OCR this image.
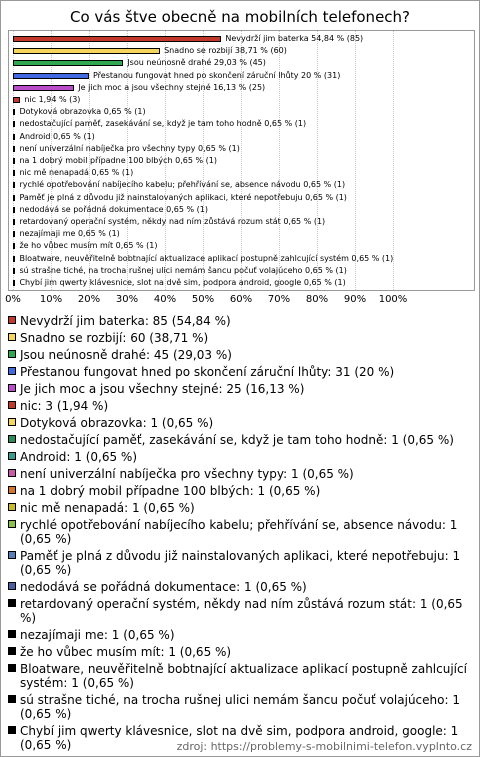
Co vás štve obecně na mobilních telefonech?
Nevydrží jim baterka 54,84 % (85)
Snadno se rozbijí 38,71 % (60)
Jsou neúnosně drahé 29,03 % (45)
Přestanou fungovat hned po skončení záruční lhůty 20 % (31)
Je jich moc a jsou všechny stejné 16,13 % (25)
nic 1,94 % (3)
Dotyková obrazovka 0,65 % (1)
nedostačující paměť, zasekávání se, když je tam toho hodně 0,65 % (1)
Android 0,65 % (1)
není univerzální nabíječka pro všechny typy 0,65 % (1)
na 1 dobrý mobil případne 100 blbých 0,65 % (1)
nic mě nenapadá 0,65 % (1)
rychlé opotřebování nabíjecího kabelu; přehřívání se, absence návodu 0,65 % (1)
Paměť je plná z důvodu již nainstalovaných aplikaci, které nepotřebuju 0,65 % (1)
nedodává se pořádná dokumentace 0,65 % (1)
retardovaný operační systém, někdy nad ním zůstává rozum stát 0,65 % (1)
nezajímaji me 0,65 % (1)
že ho vůbec musím mít 0,65 % (1)
Bloatware, neuvěřitelně bobtnající aktualizace aplikací postupně zahlcující systém 0,65 % (1)
sú strašne tiché, na trocha rušnej ulici nemám šancu počuť volajúceho 0,65 % (1)
Chybí jim qwerty klávesnice, slot na dvě sim, podpora android, google 0,65 % (1)
0% 10% 20% 30% 40% 50% 60% 70% 80% 90% 100%
Nevydrží jim baterka: 85 (54,84 %)
Snadno se rozbijí: 60 (38,71 %)
Jsou neúnosně drahé: 45 (29,03 %)
Přestanou fungovat hned po skončení záruční lhůty: 31 (20 %)
Je jich moc a jsou všechny stejné: 25 (16,13 %)
nic: 3 (1,94 %)
Dotyková obrazovka: 1 (0,65 %)
nedostačující paměť, zasekávání se, když je tam toho hodně: 1 (0,65 %)
Android: 1 (0,65 %)
není univerzální nabíječka pro všechny typy: 1 (0,65 %)
na 1 dobrý mobil případne 100 blbých: 1 (0,65 %)
nic mě nenapadá: 1 (0,65 %)
rychlé opotřebování nabíjecího kabelu; přehřívání se, absence návodu: 1 (0,65 %)
Paměť je plná z důvodu již nainstalovaných aplikaci, které nepotřebuju: 1 (0,65 %)
nedodává se pořádná dokumentace: 1 (0,65 %)
retardovaný operační systém, někdy nad ním zůstává rozum stát: 1 (0,65 %)
nezajímaji me: 1 (0,65 %)
že ho vůbec musím mít: 1 (0,65 %)
Bloatware, neuvěřitelně bobtnající aktualizace aplikací postupně zahlcující systém: 1 (0,65 %)
sú strašne tiché, na trocha rušnej ulici nemám šancu počuť volajúceho: 1 (0,65 %)
Chybí jim qwerty klávesnice, slot na dvě sim, podpora android, google: 1 (0,65 %)	zdroj: https://problemy-s-mobilnimi-telefon.vyplnto.cz
